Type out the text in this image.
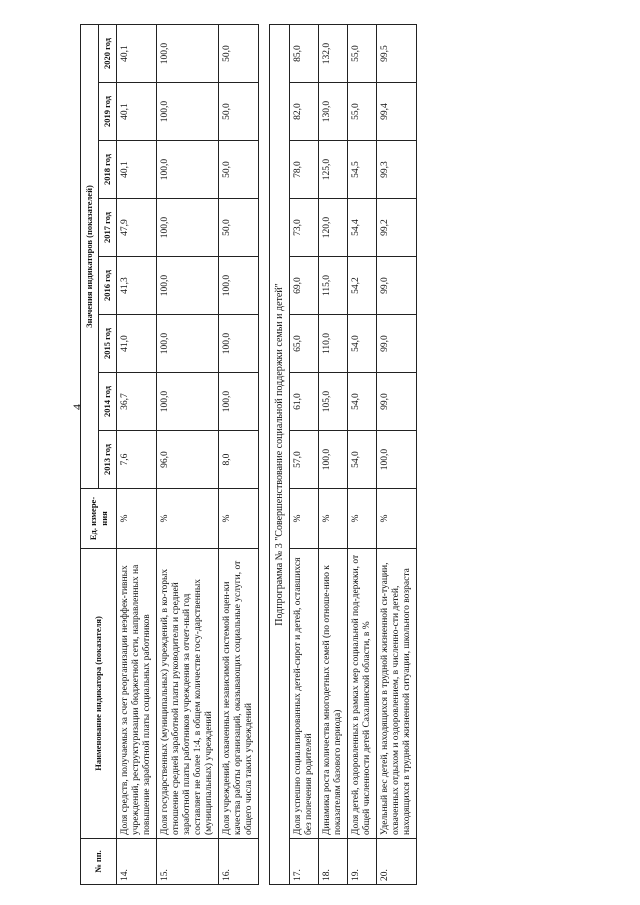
4
№ пп.	Наименование индикатора (показателя)	Ед. измере-ния	Значения индикаторов (показателей)							
			2013 год	2014 год	2015 год	2016 год	2017 год	2018 год	2019 год	2020 год
14.	Доля средств, получаемых за счет реорганизации неэффек-тивных учреждений, реструктуризации бюджетной сети, направленных на повышение заработной платы социальных работников	%	7,6	36,7	41,0	41,3	47,9	40,1	40,1	40,1
15.	Доля государственных (муниципальных) учреждений, в ко-торых отношение средней заработной платы руководителя и средней заработной платы работников учреждения за отчет-ный год составляет не более 1:4, в общем количестве госу-дарственных (муниципальных) учреждений	%	96,0	100,0	100,0	100,0	100,0	100,0	100,0	100,0
16.	Доля учреждений, охваченных независимой системой оцен-ки качества работы организаций, оказывающих социальные услуги, от общего числа таких учреждений	%	8,0	100,0	100,0	100,0	50,0	50,0	50,0	50,0

Подпрограмма № 3 "Совершенствование социальной поддержки семьи и детей"										
17.	Доля успешно социализированных детей-сирот и детей, оставшихся без попечения родителей	%	57,0	61,0	65,0	69,0	73,0	78,0	82,0	85,0
18.	Динамика роста количества многодетных семей (по отноше-нию к показателям базового периода)	%	100,0	105,0	110,0	115,0	120,0	125,0	130,0	132,0
19.	Доля детей, оздоровленных в рамках мер социальной под-держки, от общей численности детей Сахалинской области, в %	%	54,0	54,0	54,0	54,2	54,4	54,5	55,0	55,0
20.	Удельный вес детей, находящихся в трудной жизненной си-туации, охваченных отдыхом и оздоровлением, в численно-сти детей, находящихся в трудной жизненной ситуации, школьного возраста	%	100,0	99,0	99,0	99,0	99,2	99,3	99,4	99,5
